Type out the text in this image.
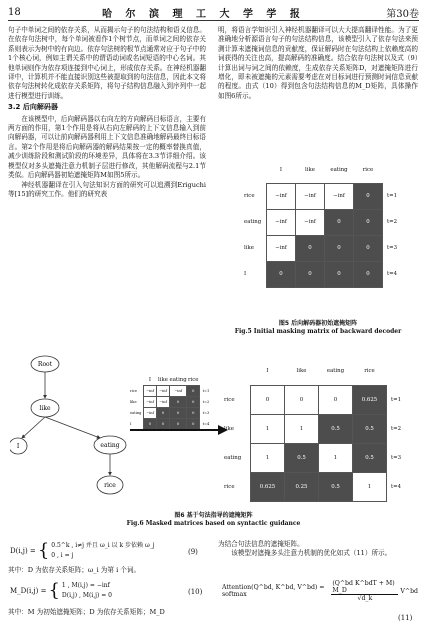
18	哈 尔 滨 理 工 大 学 学 报	第30卷

句子中单词之间的依存关系，从而揭示句子的句法结构和语义信息。在依存句法树中，每个单词被看作1个树节点，而单词之间的依存关系则表示为树中的有向边。依存句法树的根节点通常对应于句子中的1个核心词，例如主谓关系中的谓语动词或名词短语的中心名词。其他单词则作为依存项连接到中心词上，形成依存关系。在神经机器翻译中，计算机并不能直接识别这些被提取到的句法信息，因此本文将依存句法树转化成依存关系矩阵，将句子结构信息融入到序列中一起进行模型进行训练。

3.2 后向解码器

在该模型中，后向解码器以右向左的方向解码目标语言，主要有两方面的作用，第1个作用是将从右向左解码的上下文信息输入到前向解码器，可以让前向解码器利用上下文信息准确地解码最终目标语言。第2个作用是将后向解码器的解码结果按一定的概率替换真值，减少训练阶段和测试阶段的环境差异，具体将在3.3节详细介绍。该模型仅对多头遮掩注意力机制子层进行修改，其他解码流程与2.1节类似。后向解码器初始遮掩矩阵M如图5所示。

神经机器翻译在引入句法知识方面的研究可以追溯到Eriguchi等[15]的研究工作。他们的研究表

明，将语言学知识引入神经机器翻译可以大大提高翻译性能。为了更准确地分析源语言句子的句法结构信息，该模型引入了依存句法来预测计算未遮掩词信息的贡献度，保证解码时在句法结构上依赖度高的词获得的关注也高，提高解码的准确度。结合依存句法树以及式（9）计算出词与词之间的依赖度，生成依存关系矩阵D，对遮掩矩阵进行增化，即未被遮掩的元素需要考虑在对目标词进行预测时词信息贡献的程度。由式（10）得到包含句法结构信息的M_D矩阵，具体操作如图6所示。

	I	like	eating	rice	
rice	−inf	−inf	−inf	0	t=1
eating	−inf	−inf	0	0	t=2
like	−inf	0	0	0	t=3
I	0	0	0	0	t=4
图5 后向解码器初始遮掩矩阵
Fig.5 Initial masking matrix of backward decoder
Root
like
I	eating
rice
	I	like	eating	rice	
rice	−inf	−inf	−inf	0	t=1
like	−inf	−inf	0	0	t=2
eating	−inf	0	0	0	t=3
I	0	0	0	0	t=4
	I	like	eating	rice	
rice	0	0	0	0.625	t=1
like	1	1	0.5	0.5	t=2
eating	1	0.5	1	0.5	t=3
rice	0.625	0.25	0.5	1	t=4
图6 基于句法指导的遮掩矩阵
Fig.6 Masked matrices based on syntactic guidance
D(i,j) = { 0.5^k , i≠j 并且 ω_i 以 k 步依赖 ω_j
0 , i = j	(9)

其中：D 为依存关系矩阵；ω_i 为第 i 个词。

M_D(i,j) = { 1 , M(i,j) = −inf
D(i,j) , M(i,j) = 0	(10)

其中：M 为初始遮掩矩阵；D 为依存关系矩阵；M_D

为结合句法信息的遮掩矩阵。

该模型对遮掩多头注意力机制的优化如式（11）所示。

Attention(Q^bd, K^bd, V^bd) = softmax
(Q^bd K^bdT + M) M_D
√d_k
V^bd
(11)
